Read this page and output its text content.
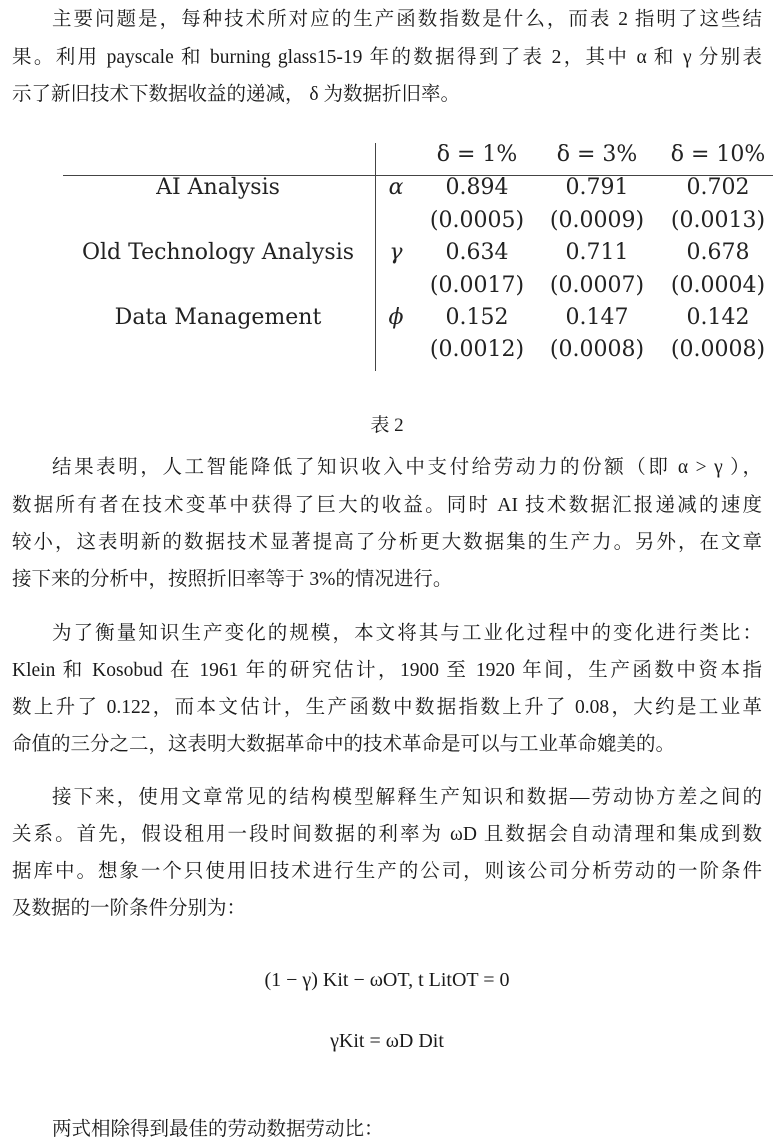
主要问题是，每种技术所对应的生产函数指数是什么，而表 2 指明了这些结
果。利用 payscale 和 burning glass15-19 年的数据得到了表 2，其中 α 和 γ 分别表
示了新旧技术下数据收益的递减， δ 为数据折旧率。
δ = 1% δ = 3% δ = 10%
AI Analysis	α 0.894	0.791	0.702
(0.0005) (0.0009) (0.0013)
Old Technology Analysis γ 0.634	0.711	0.678
(0.0017) (0.0007) (0.0004)
Data Management	ϕ 0.152	0.147	0.142
(0.0012) (0.0008) (0.0008)
表 2
结果表明，人工智能降低了知识收入中支付给劳动力的份额（即 α > γ ），
数据所有者在技术变革中获得了巨大的收益。同时 AI 技术数据汇报递减的速度
较小，这表明新的数据技术显著提高了分析更大数据集的生产力。另外，在文章
接下来的分析中，按照折旧率等于 3%的情况进行。
为了衡量知识生产变化的规模，本文将其与工业化过程中的变化进行类比：
Klein 和 Kosobud 在 1961 年的研究估计，1900 至 1920 年间，生产函数中资本指
数上升了 0.122，而本文估计，生产函数中数据指数上升了 0.08，大约是工业革
命值的三分之二，这表明大数据革命中的技术革命是可以与工业革命媲美的。
接下来，使用文章常见的结构模型解释生产知识和数据—劳动协方差之间的
关系。首先，假设租用一段时间数据的利率为 ωD 且数据会自动清理和集成到数
据库中。想象一个只使用旧技术进行生产的公司，则该公司分析劳动的一阶条件
及数据的一阶条件分别为：
(1 − γ) Kit − ωOT, t LitOT = 0
γKit = ωD Dit
两式相除得到最佳的劳动数据劳动比：
